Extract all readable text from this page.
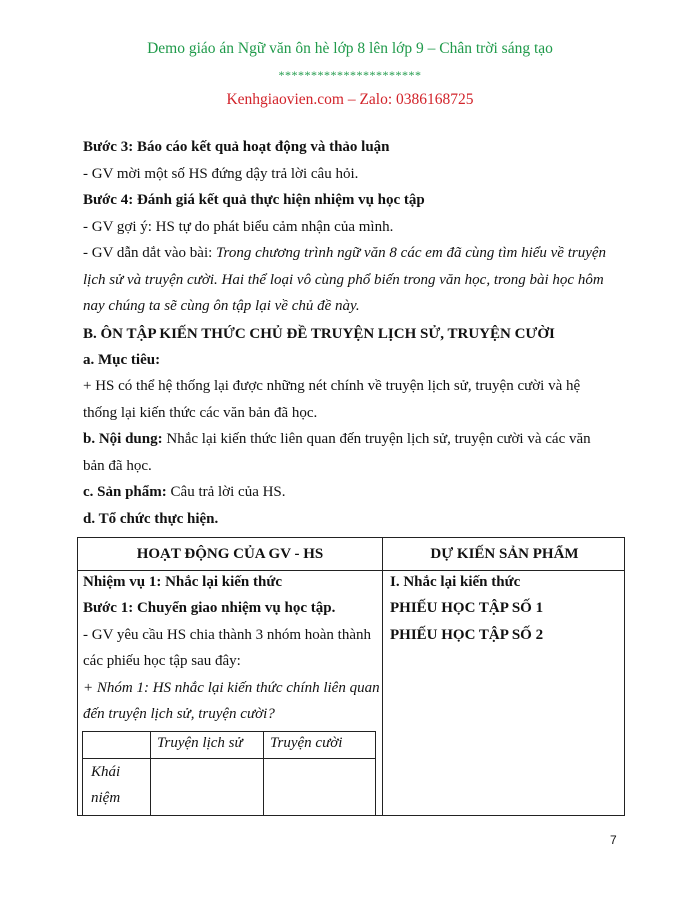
Demo giáo án Ngữ văn ôn hè lớp 8 lên lớp 9 – Chân trời sáng tạo
**********************
Kenhgiaovien.com – Zalo: 0386168725
Bước 3: Báo cáo kết quả hoạt động và thảo luận
- GV mời một số HS đứng dậy trả lời câu hỏi.
Bước 4: Đánh giá kết quả thực hiện nhiệm vụ học tập
- GV gợi ý: HS tự do phát biểu cảm nhận của mình.
- GV dẫn dắt vào bài: Trong chương trình ngữ văn 8 các em đã cùng tìm hiểu về truyện
lịch sử và truyện cười. Hai thể loại vô cùng phổ biến trong văn học, trong bài học hôm
nay chúng ta sẽ cùng ôn tập lại về chủ đề này.
B. ÔN TẬP KIẾN THỨC CHỦ ĐỀ TRUYỆN LỊCH SỬ, TRUYỆN CƯỜI
a. Mục tiêu:
+ HS có thể hệ thống lại được những nét chính về truyện lịch sử, truyện cười và hệ
thống lại kiến thức các văn bản đã học.
b. Nội dung: Nhắc lại kiến thức liên quan đến truyện lịch sử, truyện cười và các văn
bản đã học.
c. Sản phẩm: Câu trả lời của HS.
d. Tổ chức thực hiện.
HOẠT ĐỘNG CỦA GV - HS	DỰ KIẾN SẢN PHẨM
Nhiệm vụ 1: Nhắc lại kiến thức
Bước 1: Chuyển giao nhiệm vụ học tập.
- GV yêu cầu HS chia thành 3 nhóm hoàn thành
các phiếu học tập sau đây:
+ Nhóm 1: HS nhắc lại kiến thức chính liên quan
đến truyện lịch sử, truyện cười?
I. Nhắc lại kiến thức
PHIẾU HỌC TẬP SỐ 1
PHIẾU HỌC TẬP SỐ 2
Truyện lịch sử Truyện cười
Khái
niệm
7
